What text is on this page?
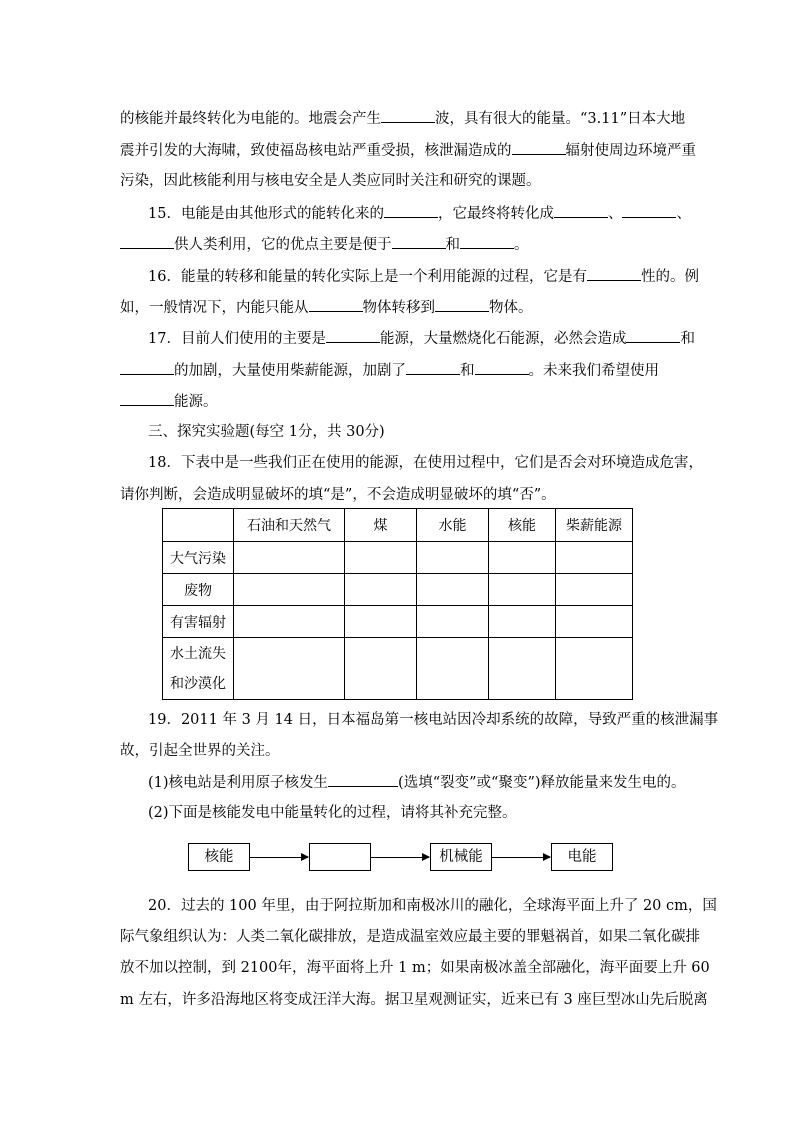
的核能并最终转化为电能的。地震会产生	波，具有很大的能量。“3.11”日本大地
震并引发的大海啸，致使福岛核电站严重受损，核泄漏造成的	辐射使周边环境严重
污染，因此核能利用与核电安全是人类应同时关注和研究的课题。
15．电能是由其他形式的能转化来的	，它最终将转化成	、	、
供人类利用，它的优点主要是便于	和	。
16．能量的转移和能量的转化实际上是一个利用能源的过程，它是有	性的。例
如，一般情况下，内能只能从	物体转移到	物体。
17．目前人们使用的主要是	能源，大量燃烧化石能源，必然会造成	和
的加剧，大量使用柴薪能源，加剧了	和	。未来我们希望使用
能源。
三、探究实验题(每空 1分，共 30分)
18．下表中是一些我们正在使用的能源，在使用过程中，它们是否会对环境造成危害，
请你判断，会造成明显破坏的填“是”，不会造成明显破坏的填“否”。
	石油和天然气	煤	水能	核能	柴薪能源
大气污染					
废物					
有害辐射					

水土流失
和沙漠化					

19．2011 年 3 月 14 日，日本福岛第一核电站因冷却系统的故障，导致严重的核泄漏事
故，引起全世界的关注。
(1)核电站是利用原子核发生	(选填“裂变”或“聚变”)释放能量来发生电的。
(2)下面是核能发电中能量转化的过程，请将其补充完整。
核能	机械能	电能
20．过去的 100 年里，由于阿拉斯加和南极冰川的融化，全球海平面上升了 20 cm，国
际气象组织认为：人类二氧化碳排放，是造成温室效应最主要的罪魁祸首，如果二氧化碳排
放不加以控制，到 2100年，海平面将上升 1 m；如果南极冰盖全部融化，海平面要上升 60
m 左右，许多沿海地区将变成汪洋大海。据卫星观测证实，近来已有 3 座巨型冰山先后脱离
